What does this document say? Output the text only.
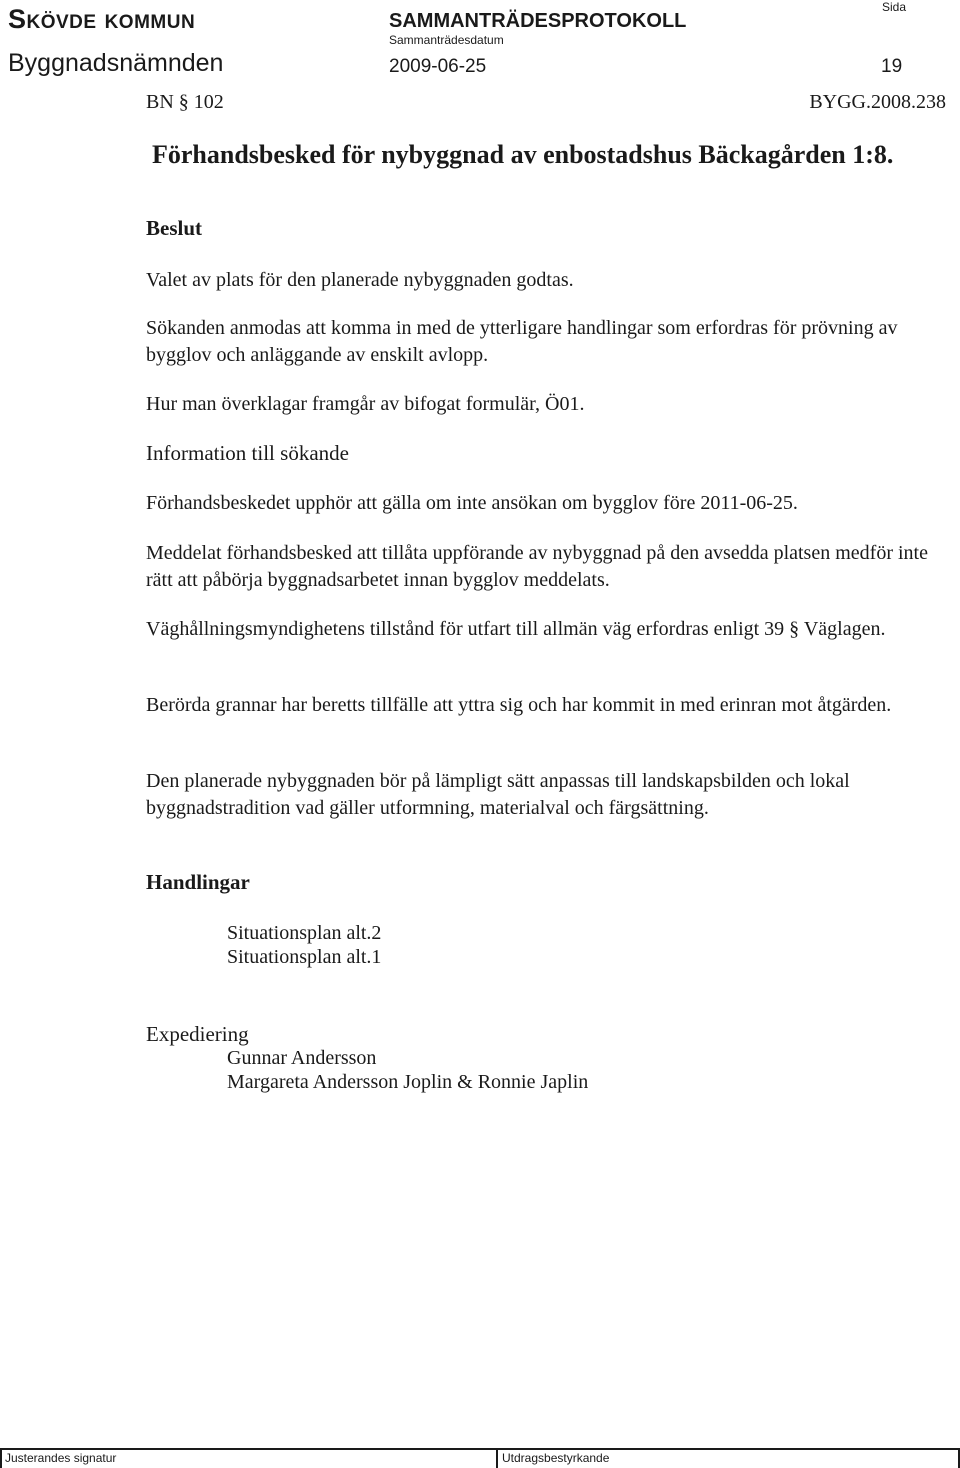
Skövde kommun	SAMMANTRÄDESPROTOKOLL
Sammanträdesdatum
Sida
Byggnadsnämnden	2009-06-25	19
BN § 102	BYGG.2008.238
Förhandsbesked för nybyggnad av enbostadshus Bäckagården 1:8.
Beslut

Valet av plats för den planerade nybyggnaden godtas.

Sökanden anmodas att komma in med de ytterligare handlingar som erfordras för prövning av bygglov och anläggande av enskilt avlopp.

Hur man överklagar framgår av bifogat formulär, Ö01.

Information till sökande

Förhandsbeskedet upphör att gälla om inte ansökan om bygglov före 2011-06-25.

Meddelat förhandsbesked att tillåta uppförande av nybyggnad på den avsedda platsen medför inte rätt att påbörja byggnadsarbetet innan bygglov meddelats.

Väghållningsmyndighetens tillstånd för utfart till allmän väg erfordras enligt 39 § Väglagen.

Berörda grannar har beretts tillfälle att yttra sig och har kommit in med erinran mot åtgärden.

Den planerade nybyggnaden bör på lämpligt sätt anpassas till landskapsbilden och lokal byggnadstradition vad gäller utformning, materialval och färgsättning.

Handlingar
Situationsplan alt.2
Situationsplan alt.1
Expediering
Gunnar Andersson
Margareta Andersson Joplin & Ronnie Japlin
Justerandes signatur	Utdragsbestyrkande
